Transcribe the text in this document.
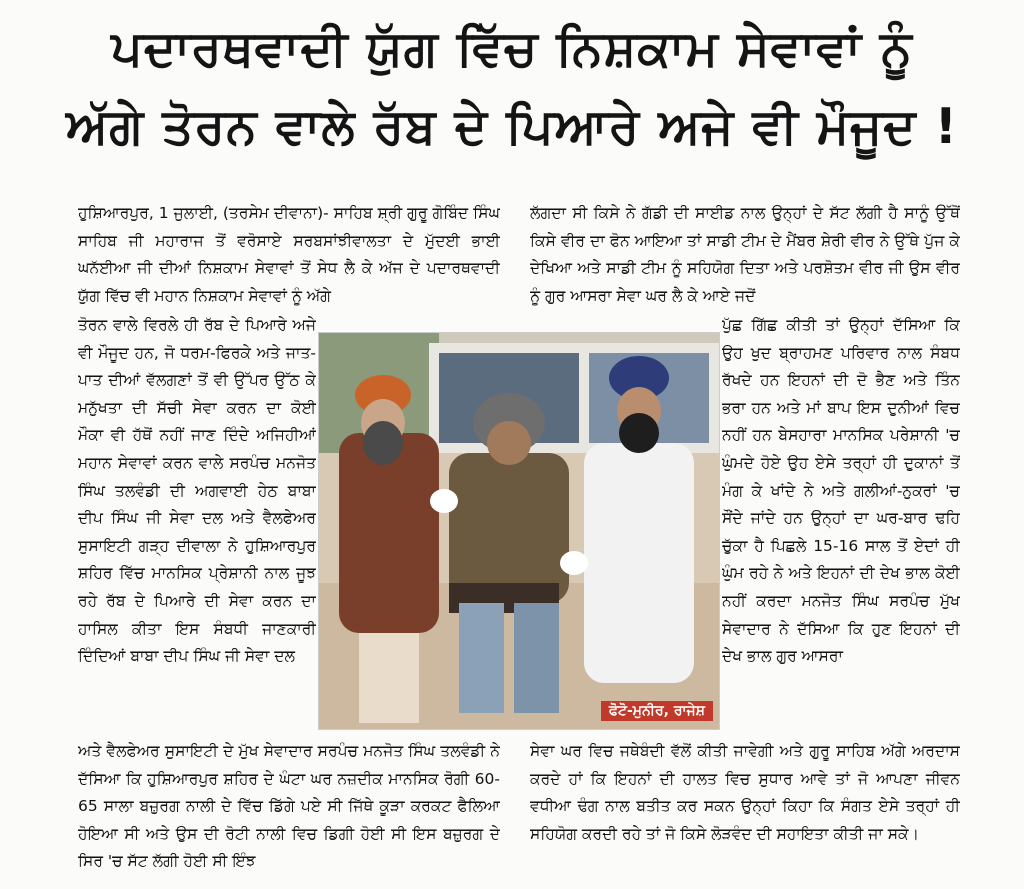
ਪਦਾਰਥਵਾਦੀ ਯੁੱਗ ਵਿੱਚ ਨਿਸ਼ਕਾਮ ਸੇਵਾਵਾਂ ਨੂੰ
ਅੱਗੇ ਤੋਰਨ ਵਾਲੇ ਰੱਬ ਦੇ ਪਿਆਰੇ ਅਜੇ ਵੀ ਮੌਜੂਦ !

ਹੁਸ਼ਿਆਰਪੁਰ, 1 ਜੁਲਾਈ, (ਤਰਸੇਮ ਦੀਵਾਨਾ)- ਸਾਹਿਬ ਸ਼੍ਰੀ ਗੁਰੂ ਗੋਬਿੰਦ ਸਿੰਘ ਸਾਹਿਬ ਜੀ ਮਹਾਰਾਜ ਤੋਂ ਵਰੋਸਾਏ ਸਰਬਸਾਂਝੀਵਾਲਤਾ ਦੇ ਮੁੱਦਈ ਭਾਈ ਘਨੱਈਆ ਜੀ ਦੀਆਂ ਨਿਸ਼ਕਾਮ ਸੇਵਾਵਾਂ ਤੋਂ ਸੇਧ ਲੈ ਕੇ ਅੱਜ ਦੇ ਪਦਾਰਥਵਾਦੀ ਯੁੱਗ ਵਿੱਚ ਵੀ ਮਹਾਨ ਨਿਸ਼ਕਾਮ ਸੇਵਾਵਾਂ ਨੂੰ ਅੱਗੇ

ਤੋਰਨ ਵਾਲੇ ਵਿਰਲੇ ਹੀ ਰੱਬ ਦੇ ਪਿਆਰੇ ਅਜੇ ਵੀ ਮੌਜੂਦ ਹਨ, ਜੋ ਧਰਮ-ਫਿਰਕੇ ਅਤੇ ਜਾਤ-ਪਾਤ ਦੀਆਂ ਵੱਲਗਣਾਂ ਤੋਂ ਵੀ ਉੱਪਰ ਉੱਠ ਕੇ ਮਨੁੱਖਤਾ ਦੀ ਸੱਚੀ ਸੇਵਾ ਕਰਨ ਦਾ ਕੋਈ ਮੌਕਾ ਵੀ ਹੱਥੋਂ ਨਹੀਂ ਜਾਣ ਦਿੰਦੇ ਅਜਿਹੀਆਂ ਮਹਾਨ ਸੇਵਾਵਾਂ ਕਰਨ ਵਾਲੇ ਸਰਪੰਚ ਮਨਜੋਤ ਸਿੰਘ ਤਲਵੰਡੀ ਦੀ ਅਗਵਾਈ ਹੇਠ ਬਾਬਾ ਦੀਪ ਸਿੰਘ ਜੀ ਸੇਵਾ ਦਲ ਅਤੇ ਵੈਲਫੇਅਰ ਸੁਸਾਇਟੀ ਗੜ੍ਹ ਦੀਵਾਲਾ ਨੇ ਹੁਸ਼ਿਆਰਪੁਰ ਸ਼ਹਿਰ ਵਿੱਚ ਮਾਨਸਿਕ ਪ੍ਰੇਸ਼ਾਨੀ ਨਾਲ ਜੂਝ ਰਹੇ ਰੱਬ ਦੇ ਪਿਆਰੇ ਦੀ ਸੇਵਾ ਕਰਨ ਦਾ ਹਾਸਿਲ ਕੀਤਾ ਇਸ ਸੰਬਧੀ ਜਾਣਕਾਰੀ ਦਿੰਦਿਆਂ ਬਾਬਾ ਦੀਪ ਸਿੰਘ ਜੀ ਸੇਵਾ ਦਲ

ਅਤੇ ਵੈਲਫੇਅਰ ਸੁਸਾਇਟੀ ਦੇ ਮੁੱਖ ਸੇਵਾਦਾਰ ਸਰਪੰਚ ਮਨਜੋਤ ਸਿੰਘ ਤਲਵੰਡੀ ਨੇ ਦੱਸਿਆ ਕਿ ਹੁਸ਼ਿਆਰਪੁਰ ਸ਼ਹਿਰ ਦੇ ਘੰਟਾ ਘਰ ਨਜ਼ਦੀਕ ਮਾਨਸਿਕ ਰੋਗੀ 60-65 ਸਾਲਾ ਬਜ਼ੁਰਗ ਨਾਲੀ ਦੇ ਵਿੱਚ ਡਿੱਗੇ ਪਏ ਸੀ ਜਿੱਥੇ ਕੂੜਾ ਕਰਕਟ ਫੈਲਿਆ ਹੋਇਆ ਸੀ ਅਤੇ ਉਸ ਦੀ ਰੋਟੀ ਨਾਲੀ ਵਿਚ ਡਿਗੀ ਹੋਈ ਸੀ ਇਸ ਬਜ਼ੁਰਗ ਦੇ ਸਿਰ 'ਚ ਸੱਟ ਲੱਗੀ ਹੋਈ ਸੀ ਇੰਝ

ਲੱਗਦਾ ਸੀ ਕਿਸੇ ਨੇ ਗੱਡੀ ਦੀ ਸਾਈਡ ਨਾਲ ਉਨ੍ਹਾਂ ਦੇ ਸੱਟ ਲੱਗੀ ਹੈ ਸਾਨੂੰ ਉੱਥੋਂ ਕਿਸੇ ਵੀਰ ਦਾ ਫੋਨ ਆਇਆ ਤਾਂ ਸਾਡੀ ਟੀਮ ਦੇ ਮੈਂਬਰ ਸ਼ੇਰੀ ਵੀਰ ਨੇ ਉੱਥੇ ਪੁੱਜ ਕੇ ਦੇਖਿਆ ਅਤੇ ਸਾਡੀ ਟੀਮ ਨੂੰ ਸਹਿਯੋਗ ਦਿਤਾ ਅਤੇ ਪਰਸ਼ੋਤਮ ਵੀਰ ਜੀ ਉਸ ਵੀਰ ਨੂੰ ਗੁਰ ਆਸਰਾ ਸੇਵਾ ਘਰ ਲੈ ਕੇ ਆਏ ਜਦੋਂ

ਪੁੱਛ ਗਿੱਛ ਕੀਤੀ ਤਾਂ ਉਨ੍ਹਾਂ ਦੱਸਿਆ ਕਿ ਉਹ ਖੁਦ ਬ੍ਰਾਹਮਣ ਪਰਿਵਾਰ ਨਾਲ ਸੰਬਧ ਰੱਖਦੇ ਹਨ ਇਹਨਾਂ ਦੀ ਦੋ ਭੈਣ ਅਤੇ ਤਿੰਨ ਭਰਾ ਹਨ ਅਤੇ ਮਾਂ ਬਾਪ ਇਸ ਦੁਨੀਆਂ ਵਿਚ ਨਹੀਂ ਹਨ ਬੇਸਹਾਰਾ ਮਾਨਸਿਕ ਪਰੇਸ਼ਾਨੀ 'ਚ ਘੁੰਮਦੇ ਹੋਏ ਉਹ ਏਸੇ ਤਰ੍ਹਾਂ ਹੀ ਦੁਕਾਨਾਂ ਤੋਂ ਮੰਗ ਕੇ ਖਾਂਦੇ ਨੇ ਅਤੇ ਗਲੀਆਂ-ਨੁਕਰਾਂ 'ਚ ਸੌਂਦੇ ਜਾਂਦੇ ਹਨ ਉਨ੍ਹਾਂ ਦਾ ਘਰ-ਬਾਰ ਢਹਿ ਚੁੱਕਾ ਹੈ ਪਿਛਲੇ 15-16 ਸਾਲ ਤੋਂ ਏਦਾਂ ਹੀ ਘੁੰਮ ਰਹੇ ਨੇ ਅਤੇ ਇਹਨਾਂ ਦੀ ਦੇਖ ਭਾਲ ਕੋਈ ਨਹੀਂ ਕਰਦਾ ਮਨਜੋਤ ਸਿੰਘ ਸਰਪੰਚ ਮੁੱਖ ਸੇਵਾਦਾਰ ਨੇ ਦੱਸਿਆ ਕਿ ਹੁਣ ਇਹਨਾਂ ਦੀ ਦੇਖ ਭਾਲ ਗੁਰ ਆਸਰਾ

ਸੇਵਾ ਘਰ ਵਿਚ ਜਥੇਬੰਦੀ ਵੱਲੋਂ ਕੀਤੀ ਜਾਵੇਗੀ ਅਤੇ ਗੁਰੂ ਸਾਹਿਬ ਅੱਗੇ ਅਰਦਾਸ ਕਰਦੇ ਹਾਂ ਕਿ ਇਹਨਾਂ ਦੀ ਹਾਲਤ ਵਿਚ ਸੁਧਾਰ ਆਵੇ ਤਾਂ ਜੋ ਆਪਣਾ ਜੀਵਨ ਵਧੀਆ ਢੰਗ ਨਾਲ ਬਤੀਤ ਕਰ ਸਕਨ ਉਨ੍ਹਾਂ ਕਿਹਾ ਕਿ ਸੰਗਤ ਏਸੇ ਤਰ੍ਹਾਂ ਹੀ ਸਹਿਯੋਗ ਕਰਦੀ ਰਹੇ ਤਾਂ ਜੋ ਕਿਸੇ ਲੋੜਵੰਦ ਦੀ ਸਹਾਇਤਾ ਕੀਤੀ ਜਾ ਸਕੇ।

ਫੋਟੋ-ਮੁਨੀਰ, ਰਾਜੇਸ਼
